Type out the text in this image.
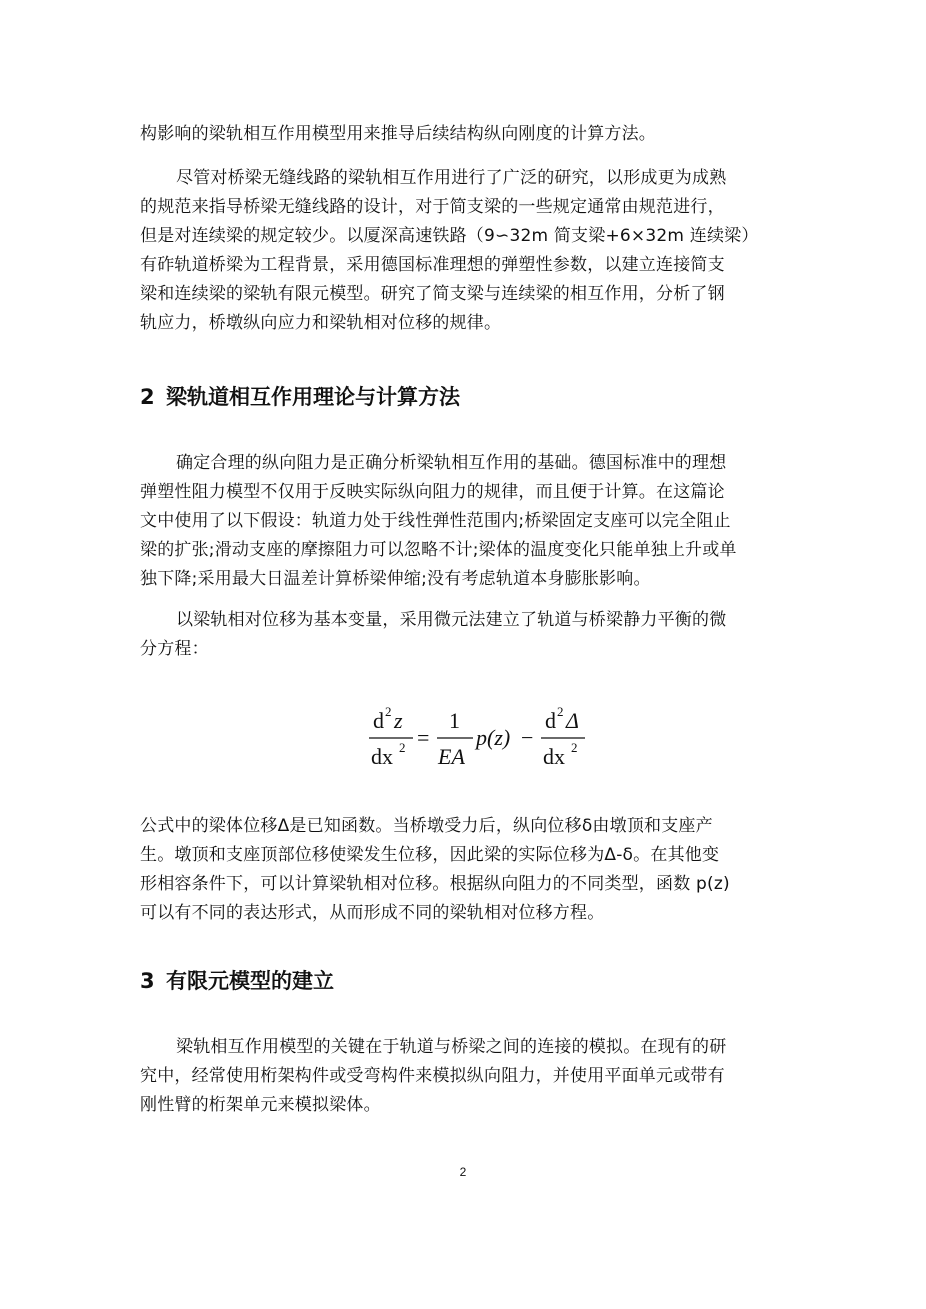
构影响的梁轨相互作用模型用来推导后续结构纵向刚度的计算方法。

尽管对桥梁无缝线路的梁轨相互作用进行了广泛的研究，以形成更为成熟
的规范来指导桥梁无缝线路的设计，对于简支梁的一些规定通常由规范进行，
但是对连续梁的规定较少。以厦深高速铁路（9∽32m 简支梁+6×32m 连续梁）
有砟轨道桥梁为工程背景，采用德国标准理想的弹塑性参数，以建立连接简支
梁和连续梁的梁轨有限元模型。研究了简支梁与连续梁的相互作用，分析了钢
轨应力，桥墩纵向应力和梁轨相对位移的规律。

2 梁轨道相互作用理论与计算方法

确定合理的纵向阻力是正确分析梁轨相互作用的基础。德国标准中的理想
弹塑性阻力模型不仅用于反映实际纵向阻力的规律，而且便于计算。在这篇论
文中使用了以下假设：轨道力处于线性弹性范围内;桥梁固定支座可以完全阻止
梁的扩张;滑动支座的摩擦阻力可以忽略不计;梁体的温度变化只能单独上升或单
独下降;采用最大日温差计算桥梁伸缩;没有考虑轨道本身膨胀影响。

以梁轨相对位移为基本变量，采用微元法建立了轨道与桥梁静力平衡的微
分方程：

d 2 z
dx 2 =
1
EA
p(z) −
d 2 Δ
dx 2

公式中的梁体位移Δ是已知函数。当桥墩受力后，纵向位移δ由墩顶和支座产
生。墩顶和支座顶部位移使梁发生位移，因此梁的实际位移为Δ-δ。在其他变
形相容条件下，可以计算梁轨相对位移。根据纵向阻力的不同类型，函数 p(z)
可以有不同的表达形式，从而形成不同的梁轨相对位移方程。

3 有限元模型的建立

梁轨相互作用模型的关键在于轨道与桥梁之间的连接的模拟。在现有的研
究中，经常使用桁架构件或受弯构件来模拟纵向阻力，并使用平面单元或带有
刚性臂的桁架单元来模拟梁体。

2
